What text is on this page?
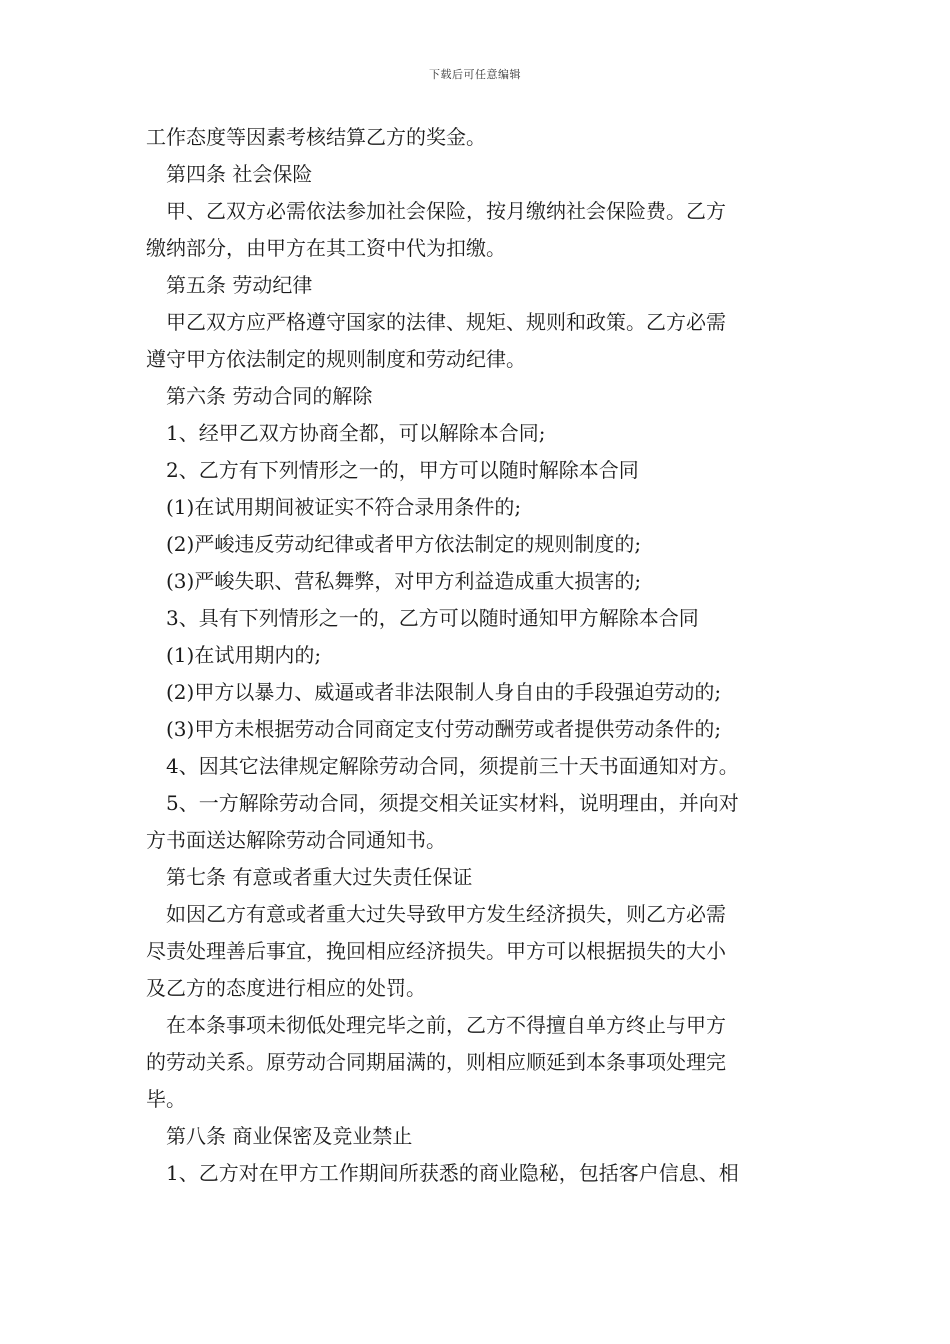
下载后可任意编辑
工作态度等因素考核结算乙方的奖金。
第四条 社会保险
甲、乙双方必需依法参加社会保险，按月缴纳社会保险费。乙方
缴纳部分，由甲方在其工资中代为扣缴。
第五条 劳动纪律
甲乙双方应严格遵守国家的法律、规矩、规则和政策。乙方必需
遵守甲方依法制定的规则制度和劳动纪律。
第六条 劳动合同的解除
1、经甲乙双方协商全都，可以解除本合同;
2、乙方有下列情形之一的，甲方可以随时解除本合同
(1)在试用期间被证实不符合录用条件的;
(2)严峻违反劳动纪律或者甲方依法制定的规则制度的;
(3)严峻失职、营私舞弊，对甲方利益造成重大损害的;
3、具有下列情形之一的，乙方可以随时通知甲方解除本合同
(1)在试用期内的;
(2)甲方以暴力、威逼或者非法限制人身自由的手段强迫劳动的;
(3)甲方未根据劳动合同商定支付劳动酬劳或者提供劳动条件的;
4、因其它法律规定解除劳动合同，须提前三十天书面通知对方。
5、一方解除劳动合同，须提交相关证实材料，说明理由，并向对
方书面送达解除劳动合同通知书。
第七条 有意或者重大过失责任保证
如因乙方有意或者重大过失导致甲方发生经济损失，则乙方必需
尽责处理善后事宜，挽回相应经济损失。甲方可以根据损失的大小
及乙方的态度进行相应的处罚。
在本条事项未彻低处理完毕之前，乙方不得擅自单方终止与甲方
的劳动关系。原劳动合同期届满的，则相应顺延到本条事项处理完
毕。
第八条 商业保密及竞业禁止
1、乙方对在甲方工作期间所获悉的商业隐秘，包括客户信息、相
